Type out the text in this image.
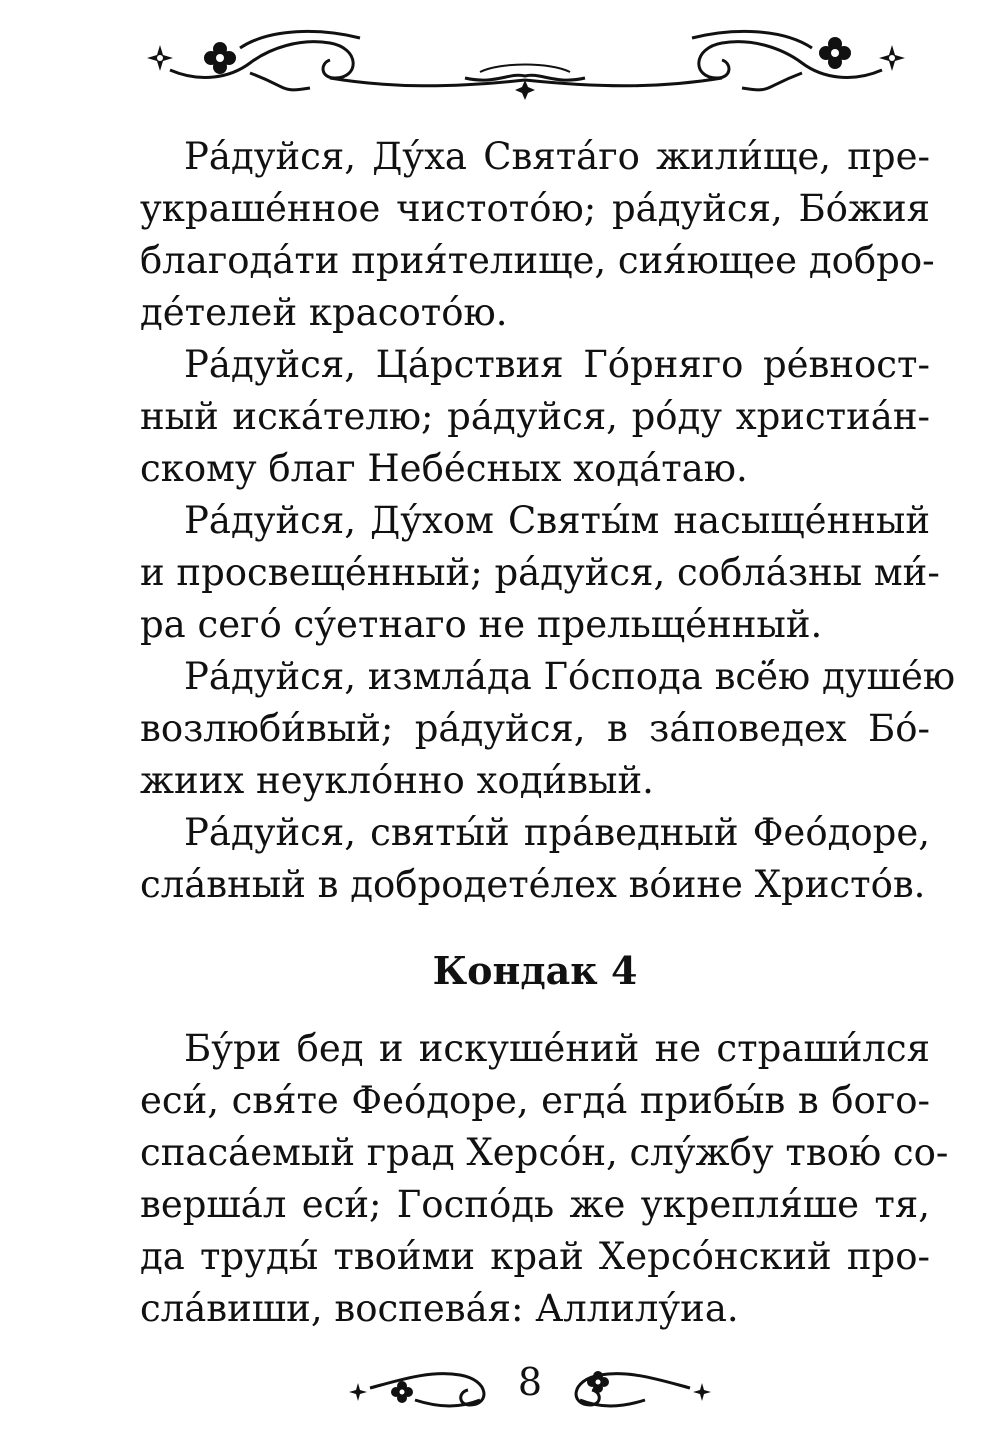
Ра́дуйся, Ду́ха Свята́го жили́ще, пре-
украше́нное чистото́ю; ра́дуйся, Бо́жия
благода́ти прия́телище, сия́ющее добро-
де́телей красото́ю.
Ра́дуйся, Ца́рствия Го́рняго ре́вност-
ный иска́телю; ра́дуйся, ро́ду христиа́н-
скому благ Небе́сных хода́таю.
Ра́дуйся, Ду́хом Святы́м насыще́нный
и просвеще́нный; ра́дуйся, собла́зны ми́-
ра сего́ су́етнаго не прельще́нный.
Ра́дуйся, измла́да Го́спода всё́ю душе́ю
возлюби́вый; ра́дуйся, в за́поведех Бо́-
жиих неукло́нно ходи́вый.
Ра́дуйся, святы́й пра́ведный Фео́доре,
сла́вный в добродете́лех во́ине Христо́в.
Кондак 4
Бу́ри бед и искуше́ний не страши́лся
еси́, свя́те Фео́доре, егда́ прибы́в в бого-
спаса́емый град Херсо́н, слу́жбу твою́ со-
верша́л еси́; Госпо́дь же укрепля́ше тя,
да труды́ твои́ми край Херсо́нский про-
сла́виши, воспева́я: Аллилу́иа.
8
